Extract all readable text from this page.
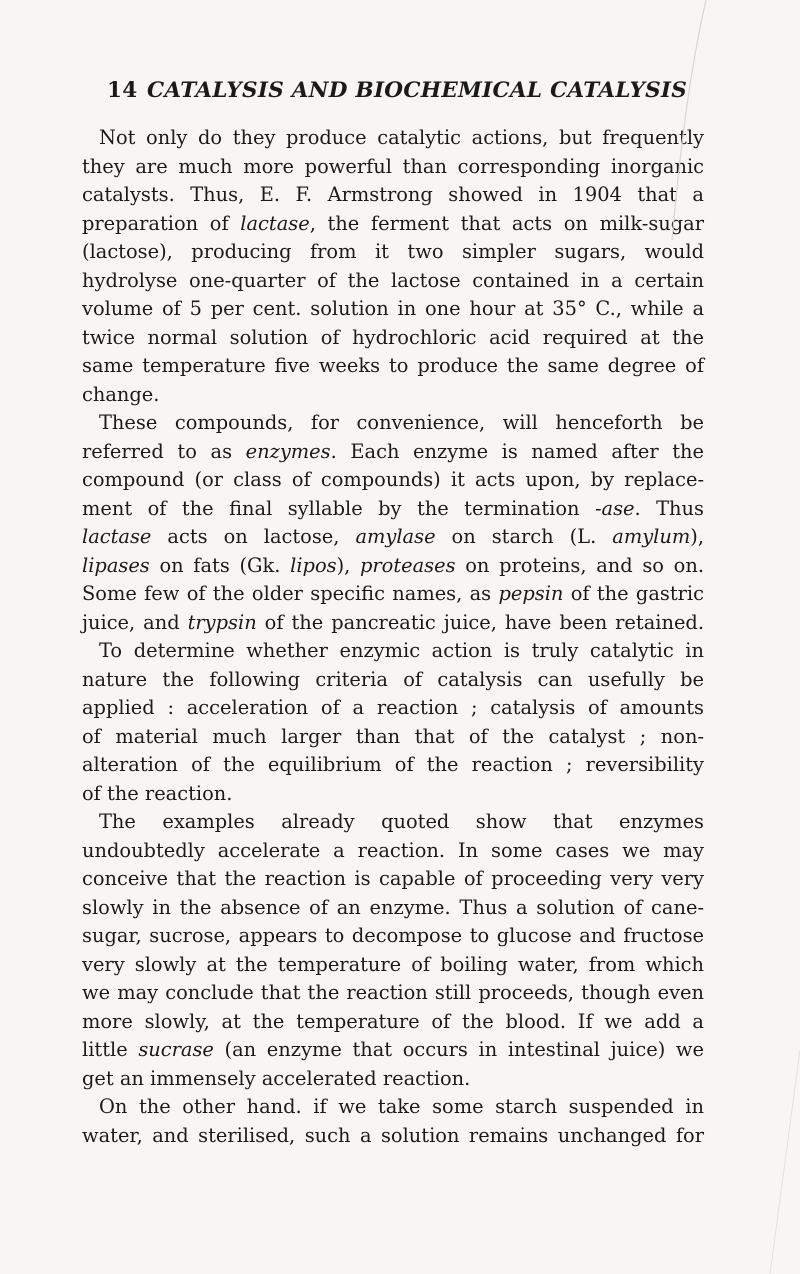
14 CATALYSIS AND BIOCHEMICAL CATALYSIS
Not only do they produce catalytic actions, but frequently
they are much more powerful than corresponding inorganic
catalysts. Thus, E. F. Armstrong showed in 1904 that a
preparation of lactase, the ferment that acts on milk-sugar
(lactose), producing from it two simpler sugars, would
hydrolyse one-quarter of the lactose contained in a certain
volume of 5 per cent. solution in one hour at 35° C., while a
twice normal solution of hydrochloric acid required at the
same temperature five weeks to produce the same degree of
change.
These compounds, for convenience, will henceforth be
referred to as enzymes. Each enzyme is named after the
compound (or class of compounds) it acts upon, by replace-
ment of the final syllable by the termination -ase. Thus
lactase acts on lactose, amylase on starch (L. amylum),
lipases on fats (Gk. lipos), proteases on proteins, and so on.
Some few of the older specific names, as pepsin of the gastric
juice, and trypsin of the pancreatic juice, have been retained.
To determine whether enzymic action is truly catalytic in
nature the following criteria of catalysis can usefully be
applied : acceleration of a reaction ; catalysis of amounts
of material much larger than that of the catalyst ; non-
alteration of the equilibrium of the reaction ; reversibility
of the reaction.
The examples already quoted show that enzymes
undoubtedly accelerate a reaction. In some cases we may
conceive that the reaction is capable of proceeding very very
slowly in the absence of an enzyme. Thus a solution of cane-
sugar, sucrose, appears to decompose to glucose and fructose
very slowly at the temperature of boiling water, from which
we may conclude that the reaction still proceeds, though even
more slowly, at the temperature of the blood. If we add a
little sucrase (an enzyme that occurs in intestinal juice) we
get an immensely accelerated reaction.
On the other hand. if we take some starch suspended in
water, and sterilised, such a solution remains unchanged for
